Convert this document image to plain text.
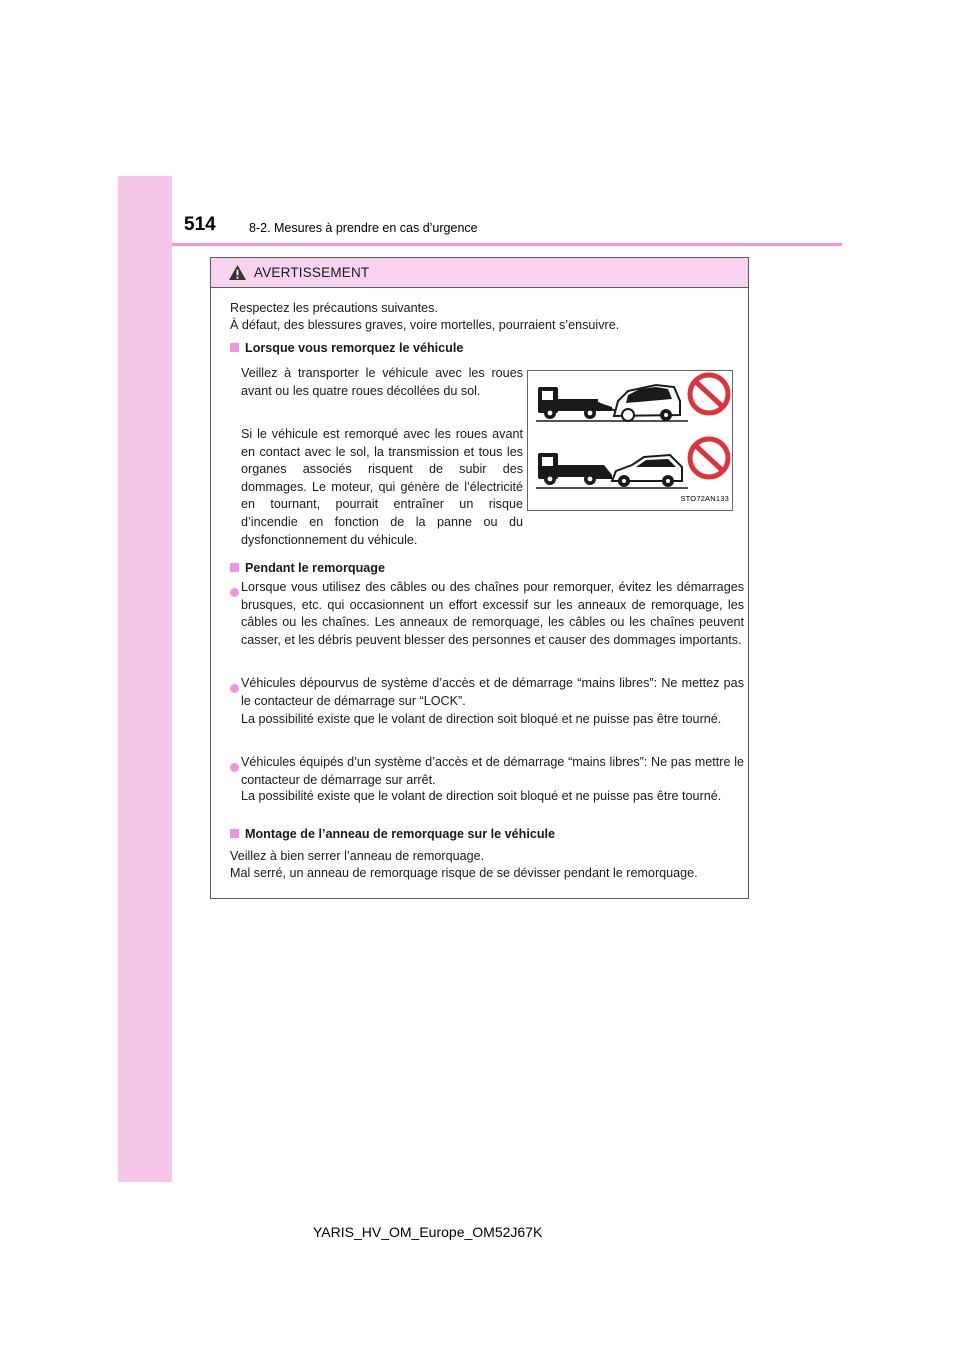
514	8-2. Mesures à prendre en cas d’urgence
AVERTISSEMENT
Respectez les précautions suivantes.
À défaut, des blessures graves, voire mortelles, pourraient s’ensuivre.
Lorsque vous remorquez le véhicule
Veillez à transporter le véhicule avec les roues avant ou les quatre roues décollées du sol.
Si le véhicule est remorqué avec les roues avant en contact avec le sol, la transmission et tous les organes associés risquent de subir des dommages. Le moteur, qui génère de l’électricité en tournant, pourrait entraîner un risque d’incendie en fonction de la panne ou du dysfonctionnement du véhicule.
STO72AN133
Pendant le remorquage
Lorsque vous utilisez des câbles ou des chaînes pour remorquer, évitez les démarrages brusques, etc. qui occasionnent un effort excessif sur les anneaux de remorquage, les câbles ou les chaînes. Les anneaux de remorquage, les câbles ou les chaînes peuvent casser, et les débris peuvent blesser des personnes et causer des dommages importants.
Véhicules dépourvus de système d’accès et de démarrage “mains libres”: Ne mettez pas le contacteur de démarrage sur “LOCK”.
La possibilité existe que le volant de direction soit bloqué et ne puisse pas être tourné.
Véhicules équipés d’un système d’accès et de démarrage “mains libres”: Ne pas mettre le contacteur de démarrage sur arrêt.
La possibilité existe que le volant de direction soit bloqué et ne puisse pas être tourné.
Montage de l’anneau de remorquage sur le véhicule
Veillez à bien serrer l’anneau de remorquage.
Mal serré, un anneau de remorquage risque de se dévisser pendant le remorquage.
YARIS_HV_OM_Europe_OM52J67K
